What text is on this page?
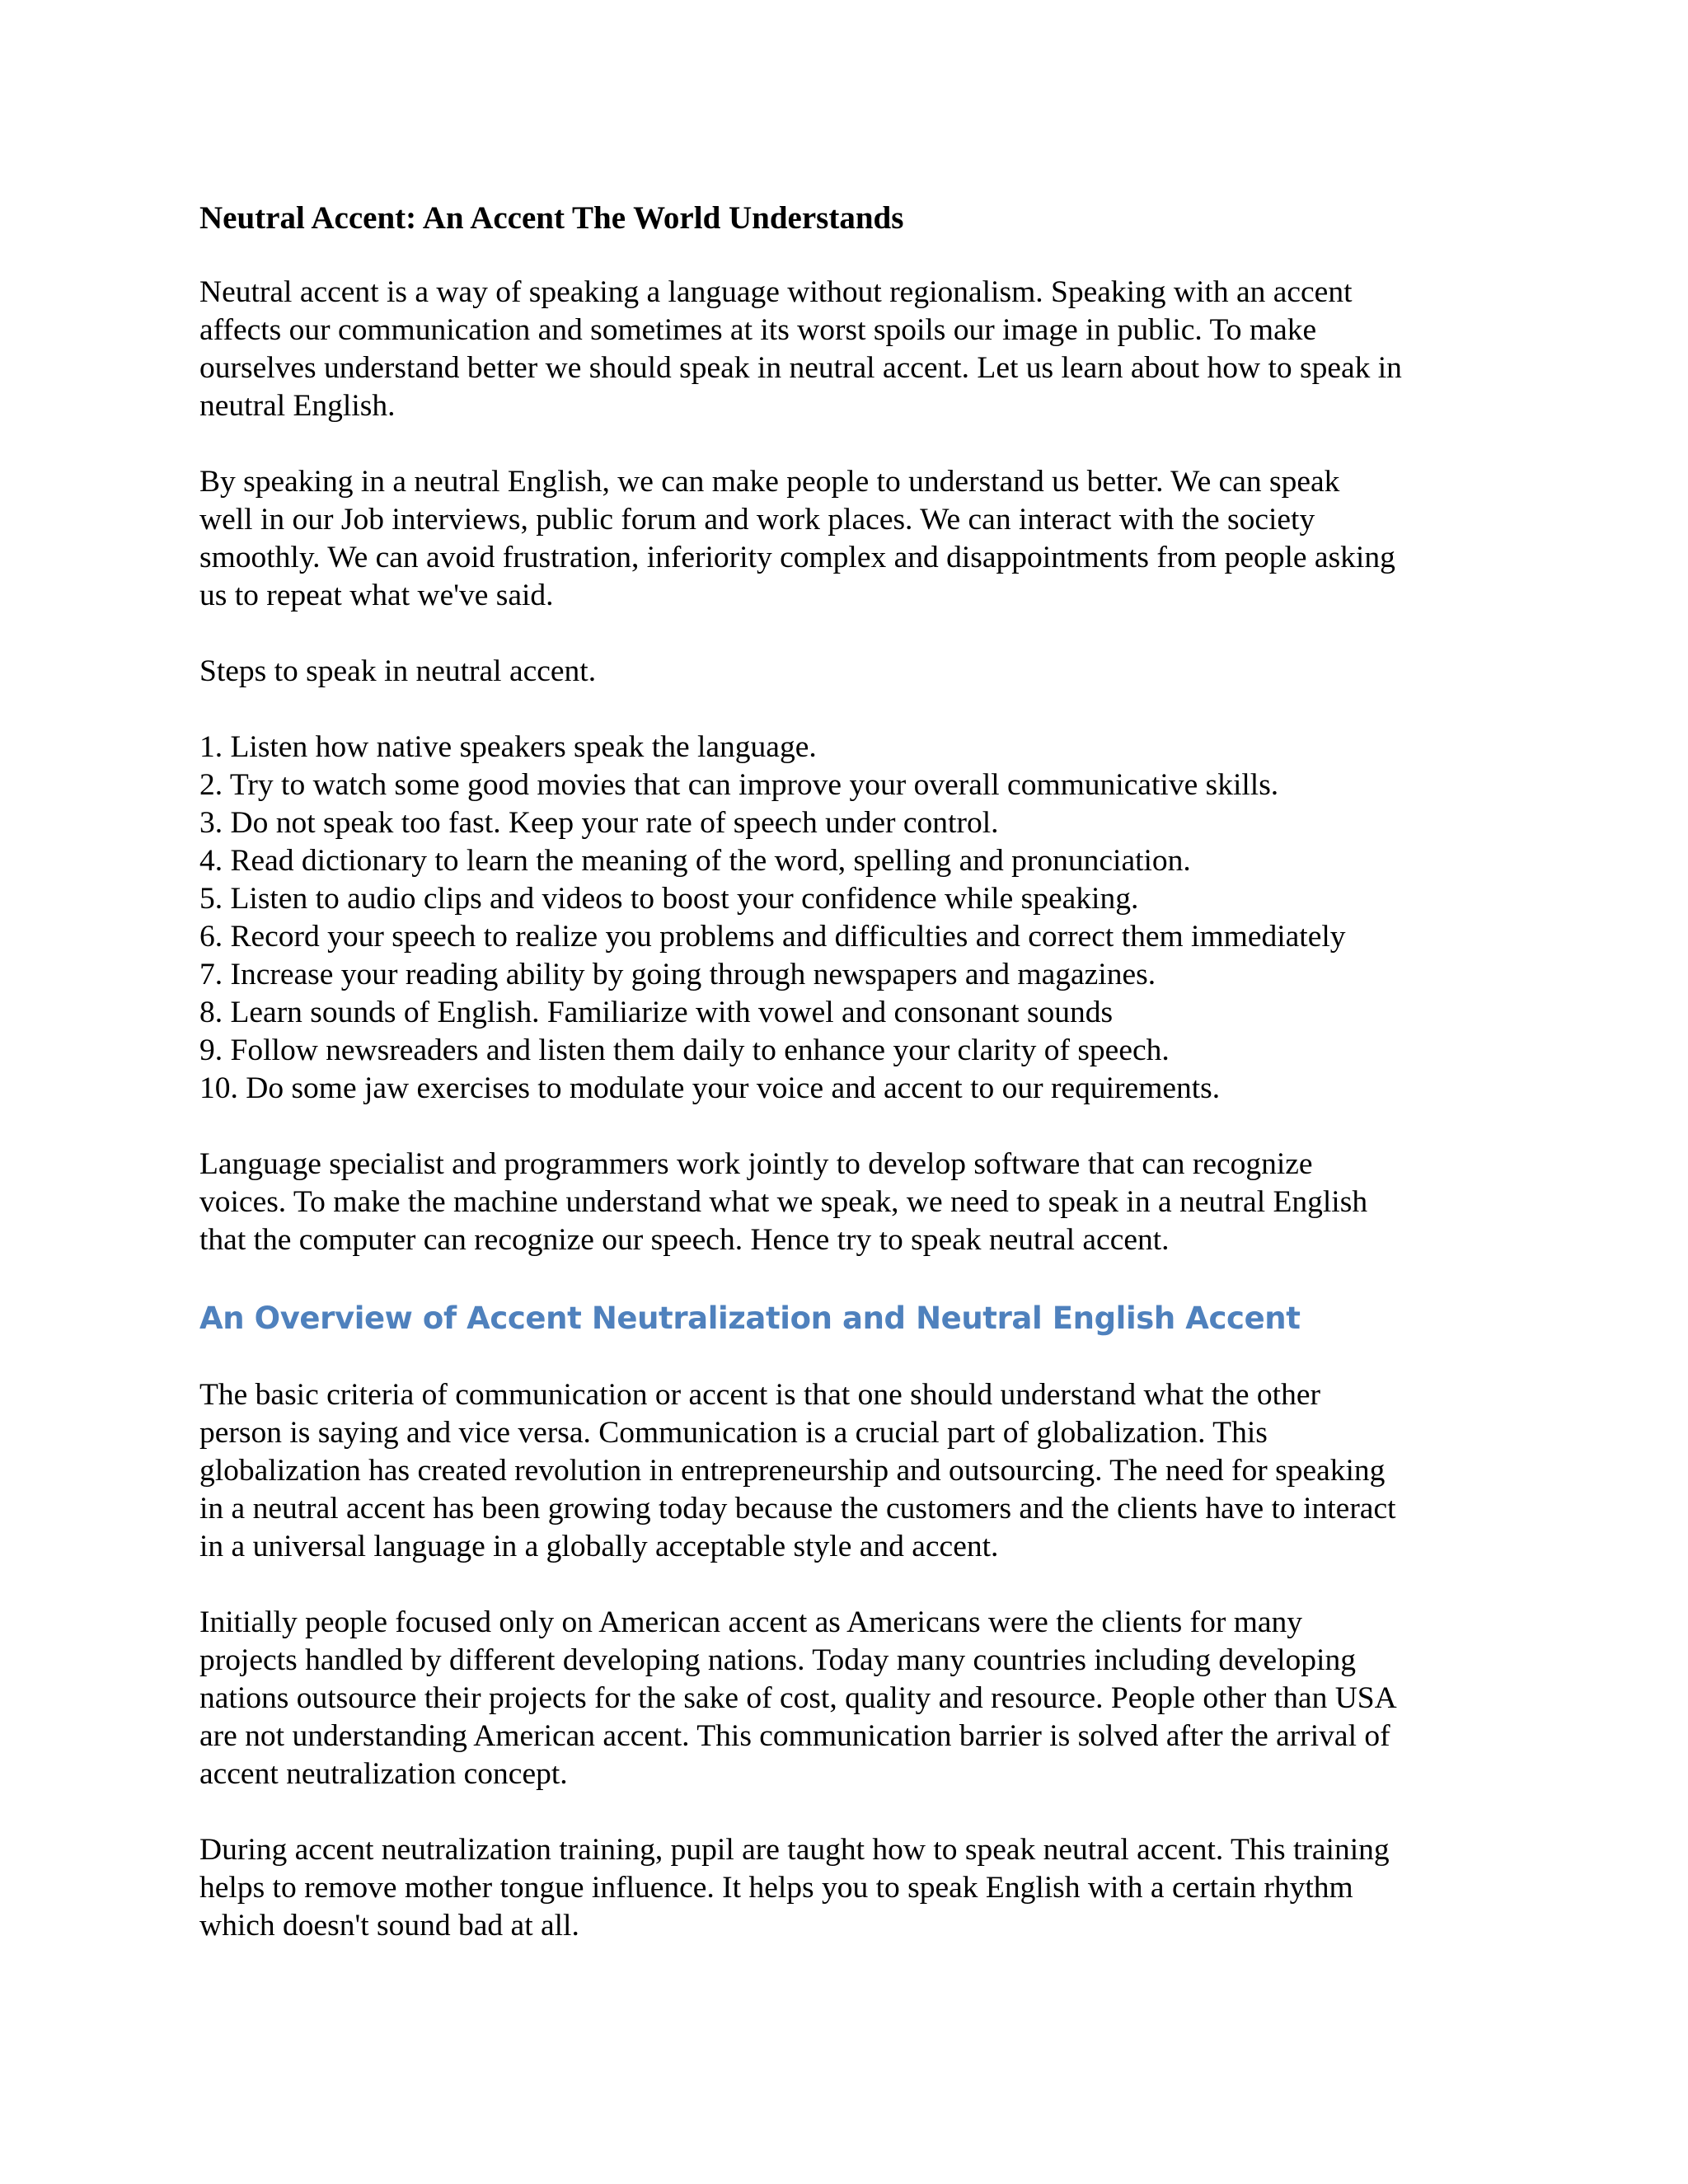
Neutral Accent: An Accent The World Understands

Neutral accent is a way of speaking a language without regionalism. Speaking with an accent
affects our communication and sometimes at its worst spoils our image in public. To make
ourselves understand better we should speak in neutral accent. Let us learn about how to speak in
neutral English.

By speaking in a neutral English, we can make people to understand us better. We can speak
well in our Job interviews, public forum and work places. We can interact with the society
smoothly. We can avoid frustration, inferiority complex and disappointments from people asking
us to repeat what we've said.

Steps to speak in neutral accent.

1. Listen how native speakers speak the language.
2. Try to watch some good movies that can improve your overall communicative skills.
3. Do not speak too fast. Keep your rate of speech under control.
4. Read dictionary to learn the meaning of the word, spelling and pronunciation.
5. Listen to audio clips and videos to boost your confidence while speaking.
6. Record your speech to realize you problems and difficulties and correct them immediately
7. Increase your reading ability by going through newspapers and magazines.
8. Learn sounds of English. Familiarize with vowel and consonant sounds
9. Follow newsreaders and listen them daily to enhance your clarity of speech.
10. Do some jaw exercises to modulate your voice and accent to our requirements.

Language specialist and programmers work jointly to develop software that can recognize
voices. To make the machine understand what we speak, we need to speak in a neutral English
that the computer can recognize our speech. Hence try to speak neutral accent.

An Overview of Accent Neutralization and Neutral English Accent

The basic criteria of communication or accent is that one should understand what the other
person is saying and vice versa. Communication is a crucial part of globalization. This
globalization has created revolution in entrepreneurship and outsourcing. The need for speaking
in a neutral accent has been growing today because the customers and the clients have to interact
in a universal language in a globally acceptable style and accent.

Initially people focused only on American accent as Americans were the clients for many
projects handled by different developing nations. Today many countries including developing
nations outsource their projects for the sake of cost, quality and resource. People other than USA
are not understanding American accent. This communication barrier is solved after the arrival of
accent neutralization concept.

During accent neutralization training, pupil are taught how to speak neutral accent. This training
helps to remove mother tongue influence. It helps you to speak English with a certain rhythm
which doesn't sound bad at all.
